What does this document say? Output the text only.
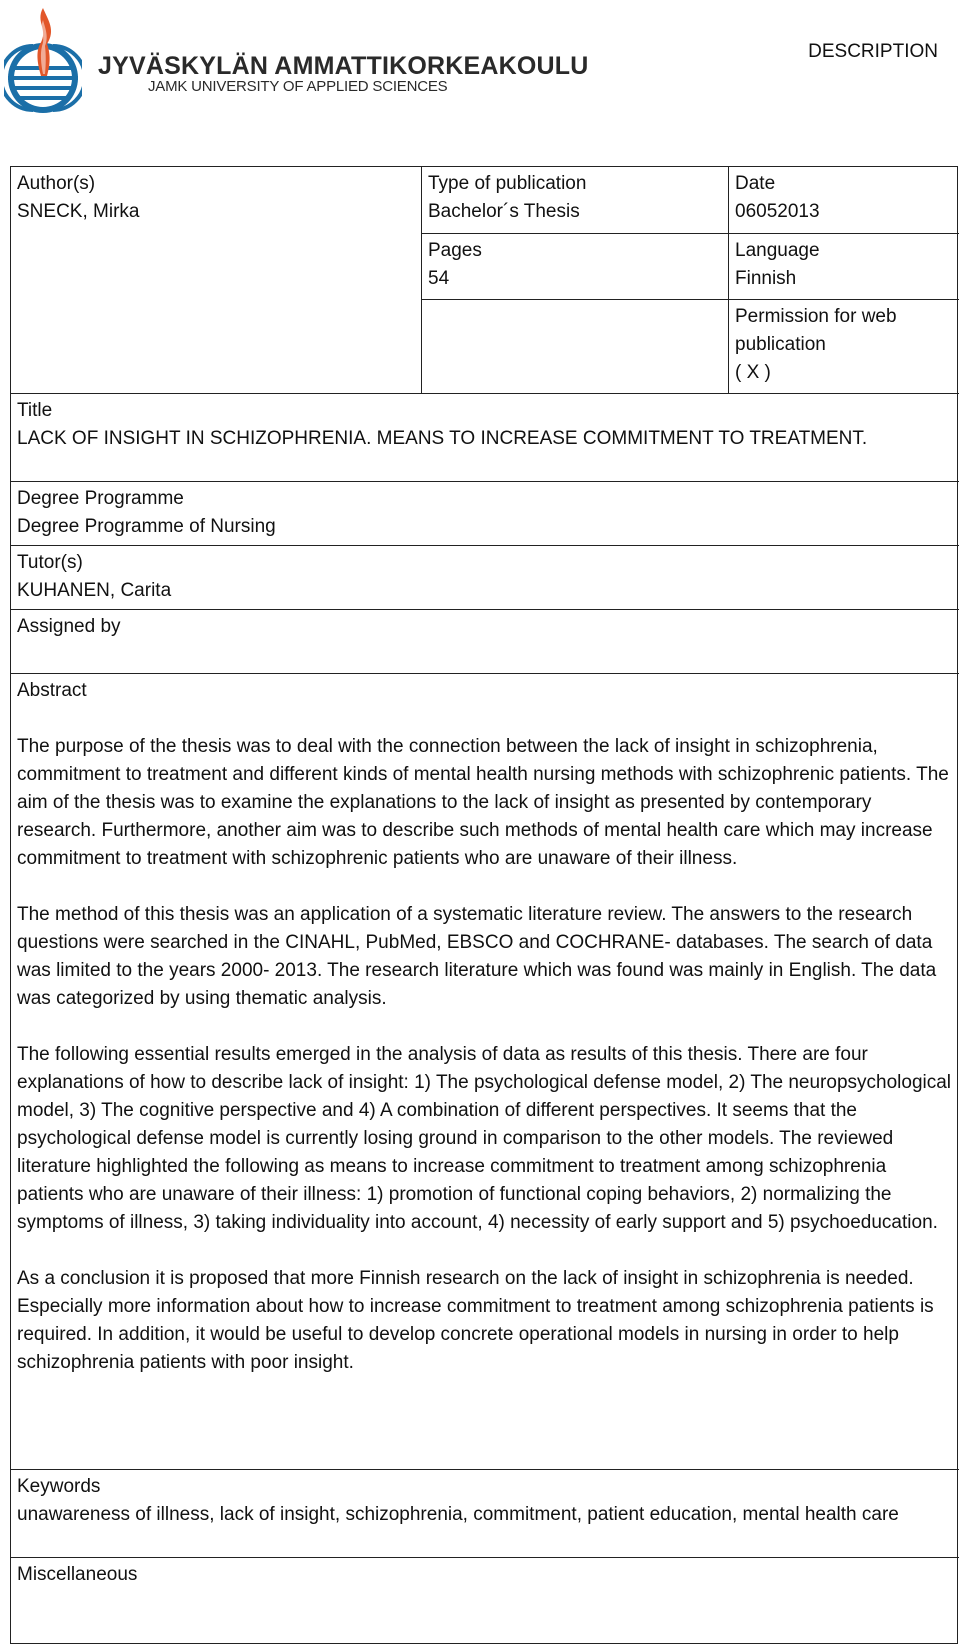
JYVÄSKYLÄN AMMATTIKORKEAKOULU
JAMK UNIVERSITY OF APPLIED SCIENCES
DESCRIPTION
Author(s)
SNECK, Mirka
Type of publication
Bachelor´s Thesis
Date
06052013
Pages
54
Language
Finnish
Permission for web
publication
( X )
Title
LACK OF INSIGHT IN SCHIZOPHRENIA. MEANS TO INCREASE COMMITMENT TO TREATMENT.
Degree Programme
Degree Programme of Nursing
Tutor(s)
KUHANEN, Carita
Assigned by
Abstract

The purpose of the thesis was to deal with the connection between the lack of insight in schizophrenia, commitment to treatment and different kinds of mental health nursing methods with schizophrenic patients. The aim of the thesis was to examine the explanations to the lack of insight as presented by contemporary research. Furthermore, another aim was to describe such methods of mental health care which may increase commitment to treatment with schizophrenic patients who are unaware of their illness.

The method of this thesis was an application of a systematic literature review. The answers to the research questions were searched in the CINAHL, PubMed, EBSCO and COCHRANE- databases. The search of data was limited to the years 2000- 2013. The research literature which was found was mainly in English. The data was categorized by using thematic analysis.

The following essential results emerged in the analysis of data as results of this thesis. There are four explanations of how to describe lack of insight: 1) The psychological defense model, 2) The neuropsychological model, 3) The cognitive perspective and 4) A combination of different perspectives. It seems that the psychological defense model is currently losing ground in comparison to the other models. The reviewed literature highlighted the following as means to increase commitment to treatment among schizophrenia patients who are unaware of their illness: 1) promotion of functional coping behaviors, 2) normalizing the symptoms of illness, 3) taking individuality into account, 4) necessity of early support and 5) psychoeducation.

As a conclusion it is proposed that more Finnish research on the lack of insight in schizophrenia is needed. Especially more information about how to increase commitment to treatment among schizophrenia patients is required. In addition, it would be useful to develop concrete operational models in nursing in order to help schizophrenia patients with poor insight.

Keywords
unawareness of illness, lack of insight, schizophrenia, commitment, patient education, mental health care
Miscellaneous
